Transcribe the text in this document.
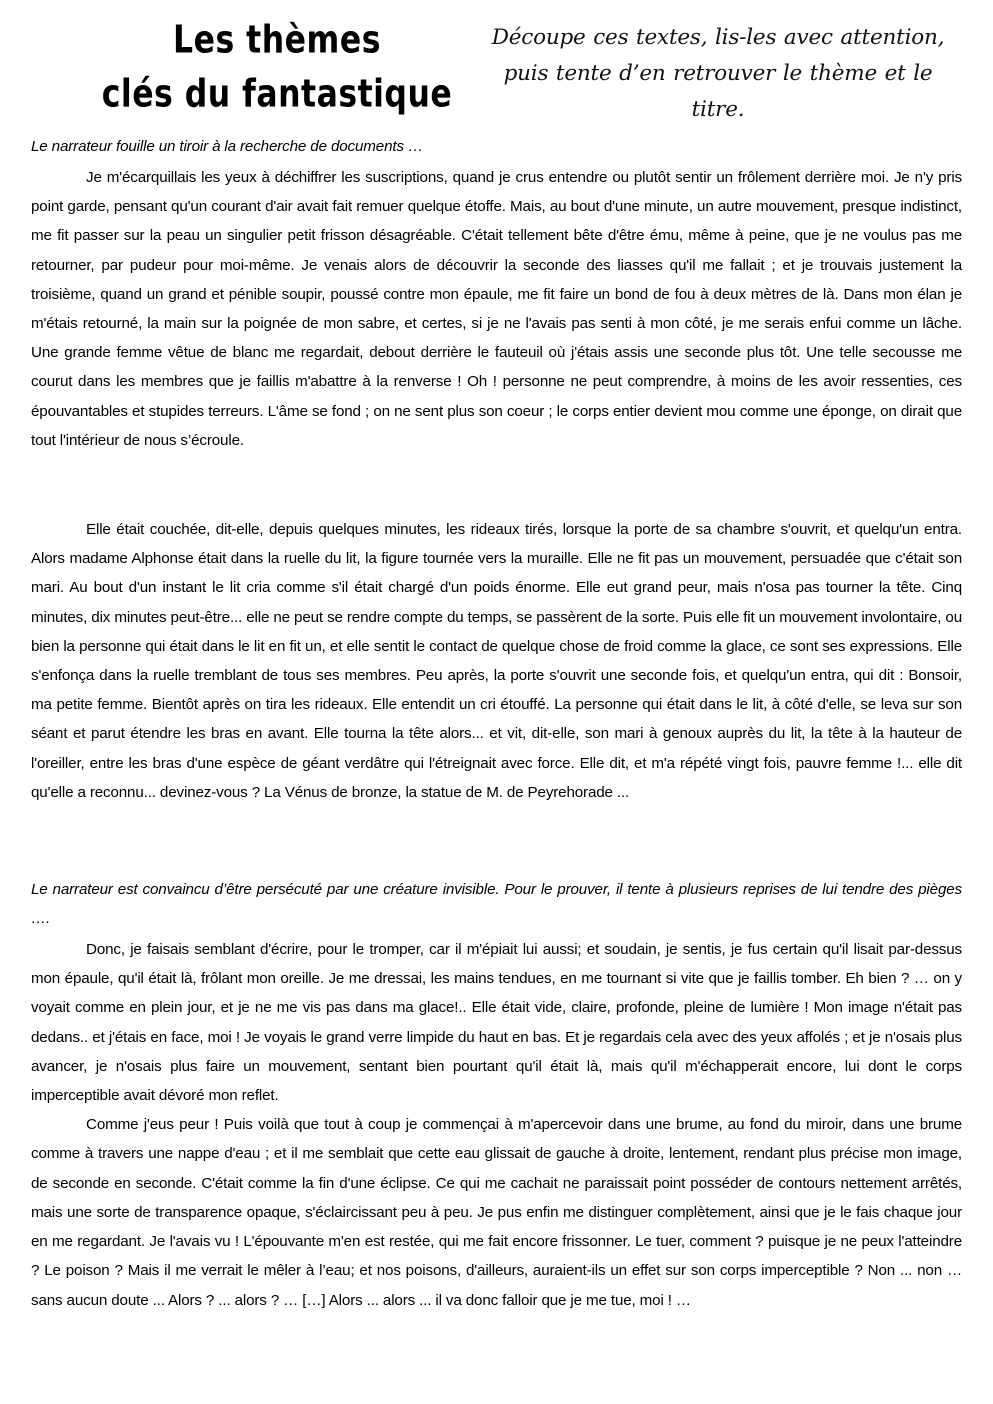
Les thèmes
clés du fantastique
Découpe ces textes, lis-les avec attention,
puis tente d’en retrouver le thème et le
titre.

Le narrateur fouille un tiroir à la recherche de documents …

Je m'écarquillais les yeux à déchiffrer les suscriptions, quand je crus entendre ou plutôt sentir un frôlement derrière moi. Je n'y pris point garde, pensant qu'un courant d'air avait fait remuer quelque étoffe. Mais, au bout d'une minute, un autre mouvement, presque indistinct, me fit passer sur la peau un singulier petit frisson désagréable. C'était tellement bête d'être ému, même à peine, que je ne voulus pas me retourner, par pudeur pour moi-même. Je venais alors de découvrir la seconde des liasses qu'il me fallait ; et je trouvais justement la troisième, quand un grand et pénible soupir, poussé contre mon épaule, me fit faire un bond de fou à deux mètres de là. Dans mon élan je m'étais retourné, la main sur la poignée de mon sabre, et certes, si je ne l'avais pas senti à mon côté, je me serais enfui comme un lâche. Une grande femme vêtue de blanc me regardait, debout derrière le fauteuil où j'étais assis une seconde plus tôt. Une telle secousse me courut dans les membres que je faillis m'abattre à la renverse ! Oh ! personne ne peut comprendre, à moins de les avoir ressenties, ces épouvantables et stupides terreurs. L'âme se fond ; on ne sent plus son coeur ; le corps entier devient mou comme une éponge, on dirait que tout l'intérieur de nous s’écroule.

Elle était couchée, dit-elle, depuis quelques minutes, les rideaux tirés, lorsque la porte de sa chambre s'ouvrit, et quelqu'un entra. Alors madame Alphonse était dans la ruelle du lit, la figure tournée vers la muraille. Elle ne fit pas un mouvement, persuadée que c'était son mari. Au bout d'un instant le lit cria comme s'il était chargé d'un poids énorme. Elle eut grand peur, mais n'osa pas tourner la tête. Cinq minutes, dix minutes peut-être... elle ne peut se rendre compte du temps, se passèrent de la sorte. Puis elle fit un mouvement involontaire, ou bien la personne qui était dans le lit en fit un, et elle sentit le contact de quelque chose de froid comme la glace, ce sont ses expressions. Elle s'enfonça dans la ruelle tremblant de tous ses membres. Peu après, la porte s'ouvrit une seconde fois, et quelqu'un entra, qui dit : Bonsoir, ma petite femme. Bientôt après on tira les rideaux. Elle entendit un cri étouffé. La personne qui était dans le lit, à côté d'elle, se leva sur son séant et parut étendre les bras en avant. Elle tourna la tête alors... et vit, dit-elle, son mari à genoux auprès du lit, la tête à la hauteur de l'oreiller, entre les bras d'une espèce de géant verdâtre qui l'étreignait avec force. Elle dit, et m'a répété vingt fois, pauvre femme !... elle dit qu'elle a reconnu... devinez-vous ? La Vénus de bronze, la statue de M. de Peyrehorade ...

Le narrateur est convaincu d’être persécuté par une créature invisible. Pour le prouver, il tente à plusieurs reprises de lui tendre des pièges ….

Donc, je faisais semblant d'écrire, pour le tromper, car il m'épiait lui aussi; et soudain, je sentis, je fus certain qu'il lisait par-dessus mon épaule, qu'il était là, frôlant mon oreille. Je me dressai, les mains tendues, en me tournant si vite que je faillis tomber. Eh bien ? … on y voyait comme en plein jour, et je ne me vis pas dans ma glace!.. Elle était vide, claire, profonde, pleine de lumière ! Mon image n'était pas dedans.. et j'étais en face, moi ! Je voyais le grand verre limpide du haut en bas. Et je regardais cela avec des yeux affolés ; et je n'osais plus avancer, je n'osais plus faire un mouvement, sentant bien pourtant qu'il était là, mais qu'il m'échapperait encore, lui dont le corps imperceptible avait dévoré mon reflet.

Comme j'eus peur ! Puis voilà que tout à coup je commençai à m'apercevoir dans une brume, au fond du miroir, dans une brume comme à travers une nappe d'eau ; et il me semblait que cette eau glissait de gauche à droite, lentement, rendant plus précise mon image, de seconde en seconde. C'était comme la fin d'une éclipse. Ce qui me cachait ne paraissait point posséder de contours nettement arrêtés, mais une sorte de transparence opaque, s'éclaircissant peu à peu. Je pus enfin me distinguer complètement, ainsi que je le fais chaque jour en me regardant. Je l'avais vu ! L'épouvante m'en est restée, qui me fait encore frissonner. Le tuer, comment ? puisque je ne peux l'atteindre ? Le poison ? Mais il me verrait le mêler à l’eau; et nos poisons, d'ailleurs, auraient-ils un effet sur son corps imperceptible ? Non ... non … sans aucun doute ... Alors ? ... alors ? … […] Alors ... alors ... il va donc falloir que je me tue, moi ! …
